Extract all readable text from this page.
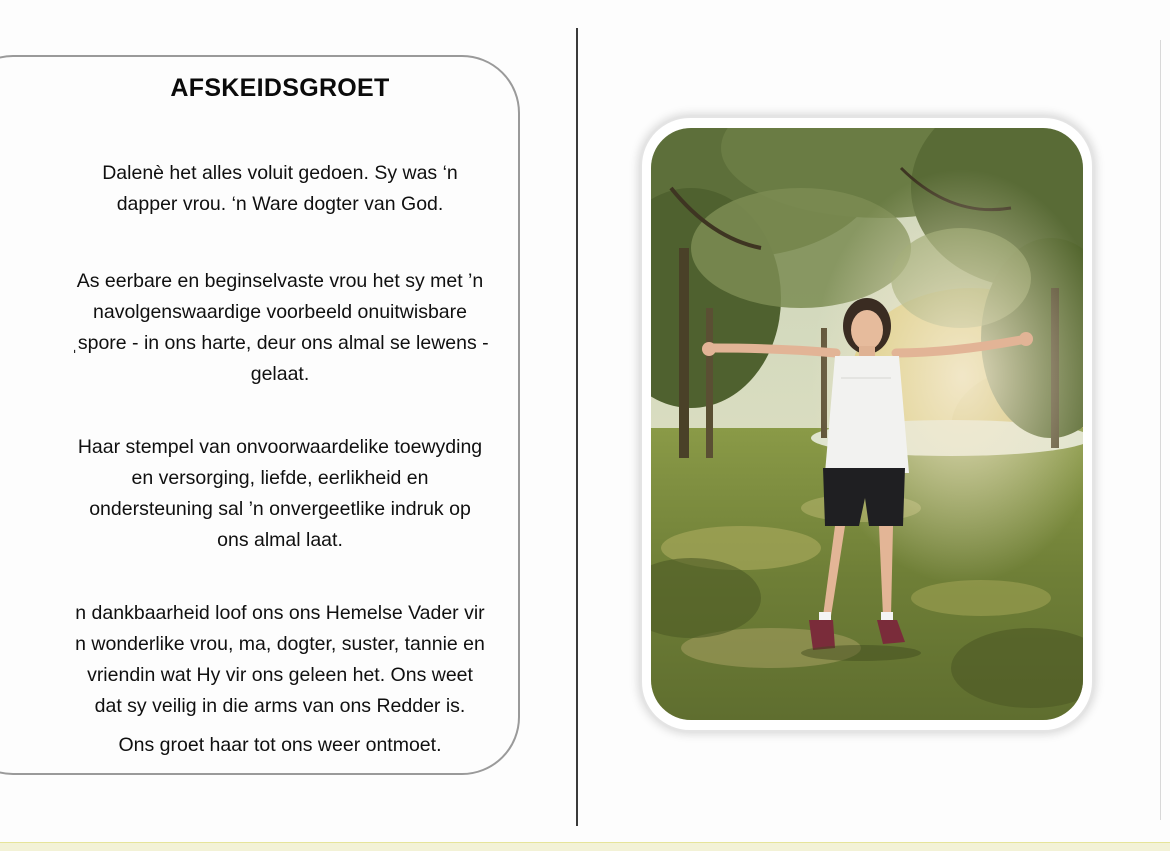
AFSKEIDSGROET
Dalenè het alles voluit gedoen. Sy was ‘n
dapper vrou. ‘n Ware dogter van God.
As eerbare en beginselvaste vrou het sy met ’n
navolgenswaardige voorbeeld onuitwisbare
ˌspore - in ons harte, deur ons almal se lewens -
gelaat.
Haar stempel van onvoorwaardelike toewyding
en versorging, liefde, eerlikheid en
ondersteuning sal ’n onvergeetlike indruk op
ons almal laat.
n dankbaarheid loof ons ons Hemelse Vader vir
n wonderlike vrou, ma, dogter, suster, tannie en
vriendin wat Hy vir ons geleen het. Ons weet
dat sy veilig in die arms van ons Redder is.
Ons groet haar tot ons weer ontmoet.
